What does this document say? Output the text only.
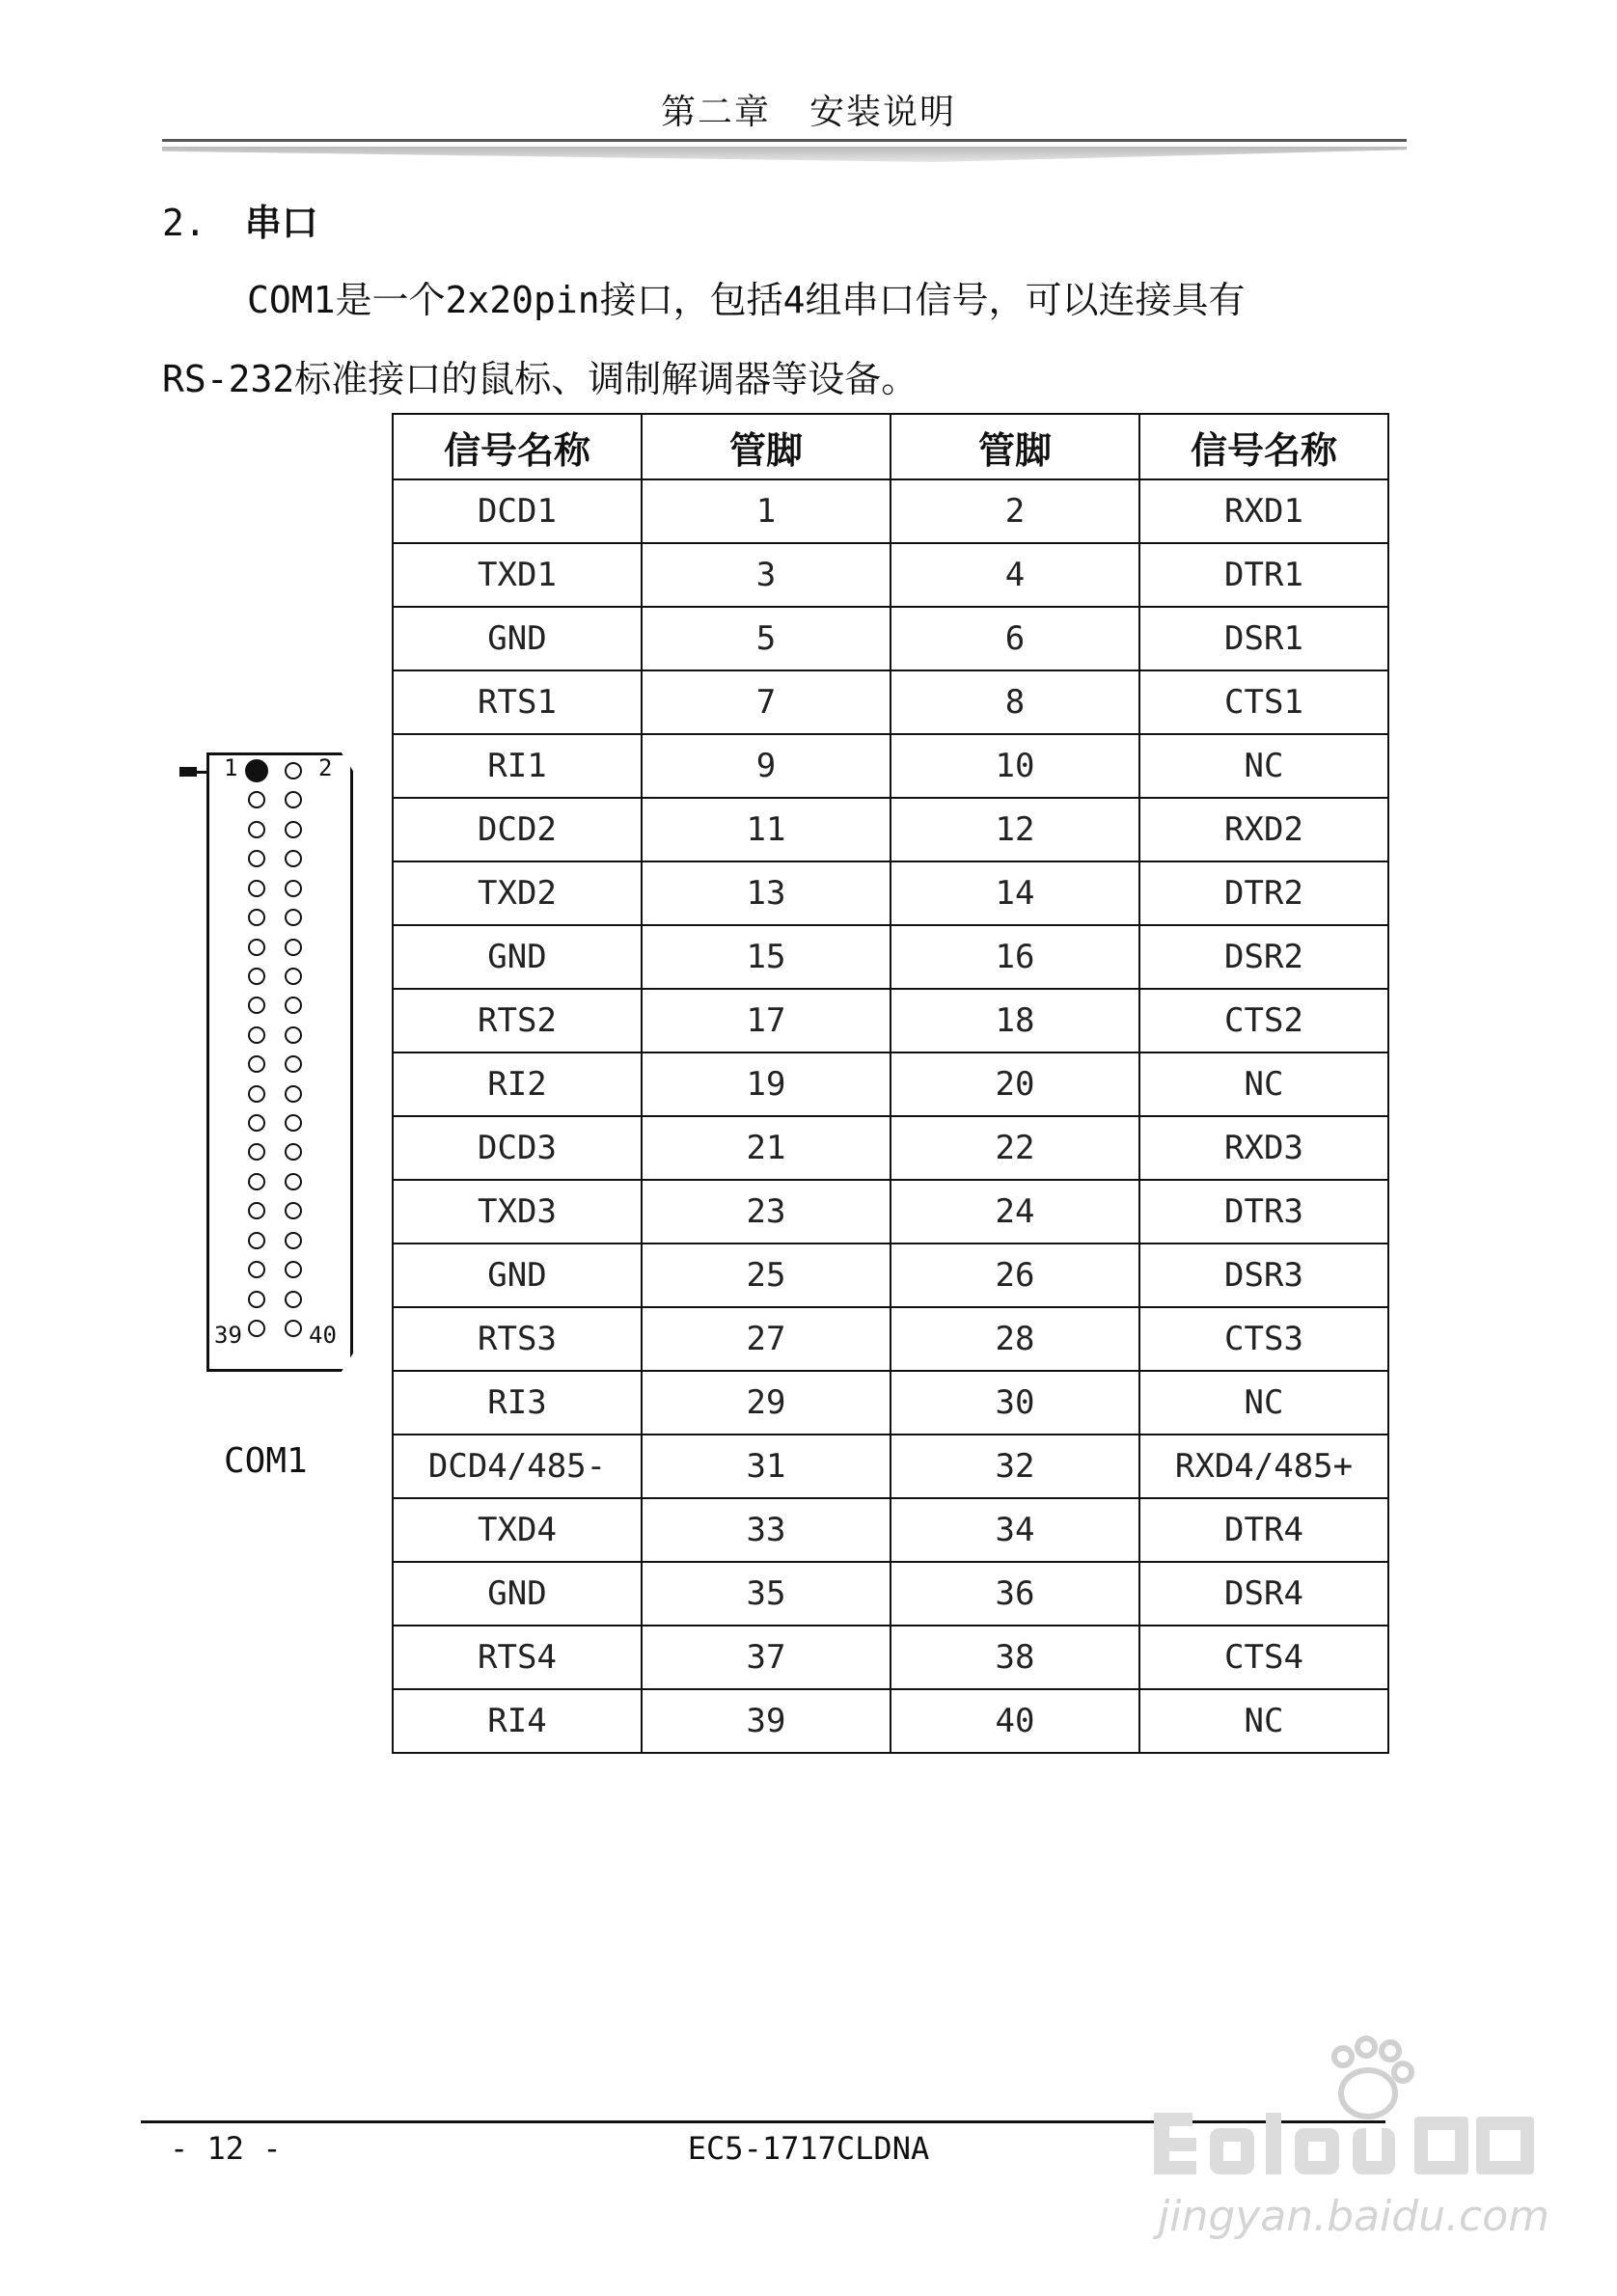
第二章 安装说明
2. 串口
COM1是一个2x20pin接口，包括4组串口信号，可以连接具有
RS-232标准接口的鼠标、调制解调器等设备。
1	2
39	40
COM1
信号名称	管脚	管脚	信号名称
DCD1	1	2	RXD1
TXD1	3	4	DTR1
GND	5	6	DSR1
RTS1	7	8	CTS1
RI1	9	10	NC
DCD2	11	12	RXD2
TXD2	13	14	DTR2
GND	15	16	DSR2
RTS2	17	18	CTS2
RI2	19	20	NC
DCD3	21	22	RXD3
TXD3	23	24	DTR3
GND	25	26	DSR3
RTS3	27	28	CTS3
RI3	29	30	NC
DCD4/485-	31	32	RXD4/485+
TXD4	33	34	DTR4
GND	35	36	DSR4
RTS4	37	38	CTS4
RI4	39	40	NC
- 12 -	EC5-1717CLDNA
jingyan.baidu.com
